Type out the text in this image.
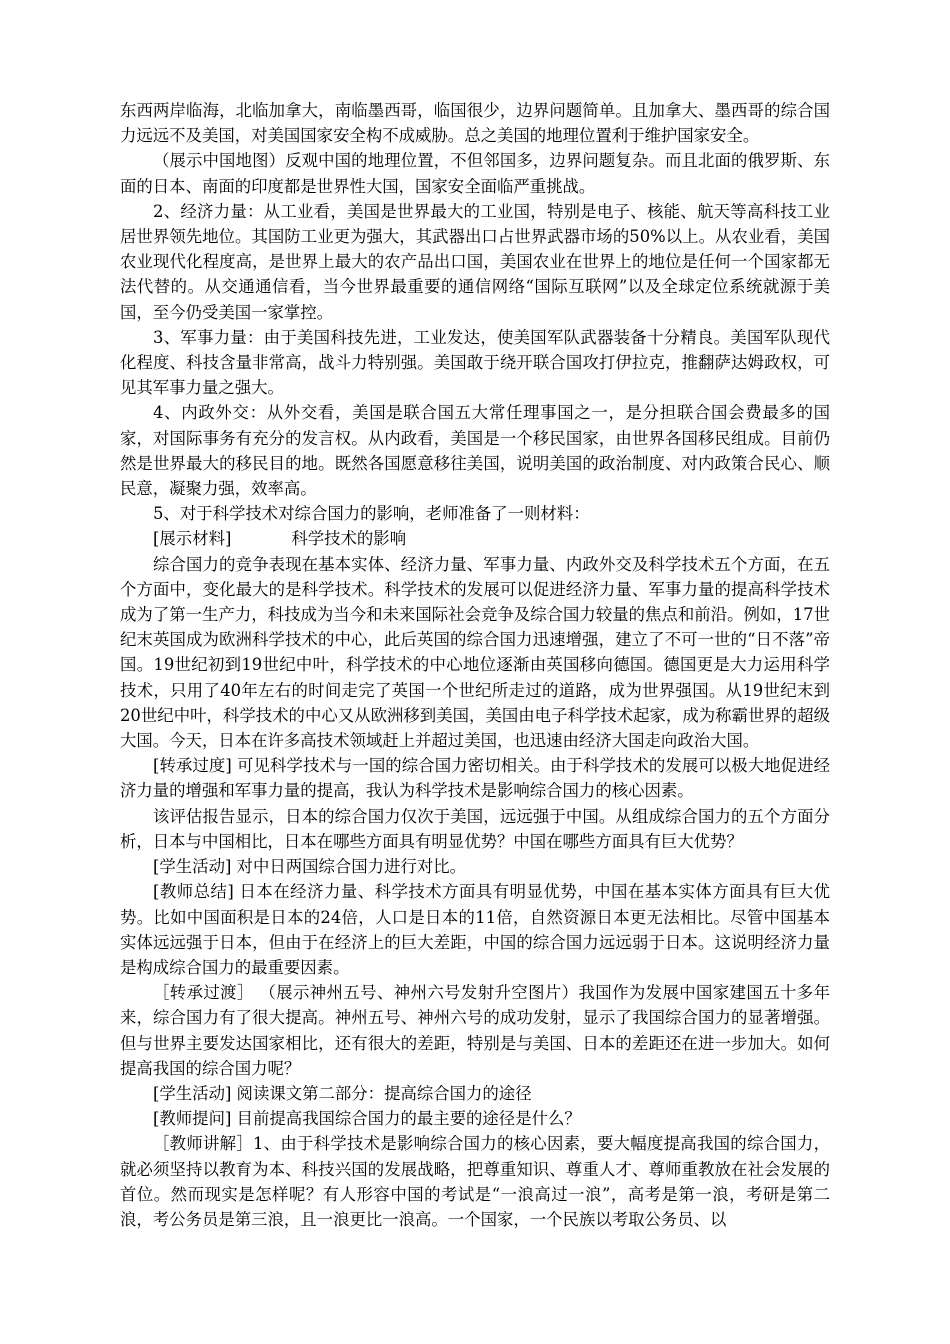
东西两岸临海，北临加拿大，南临墨西哥，临国很少，边界问题简单。且加拿大、墨西哥的综合国力远远不及美国，对美国国家安全构不成威胁。总之美国的地理位置利于维护国家安全。

（展示中国地图）反观中国的地理位置，不但邻国多，边界问题复杂。而且北面的俄罗斯、东面的日本、南面的印度都是世界性大国，国家安全面临严重挑战。

2、经济力量：从工业看，美国是世界最大的工业国，特别是电子、核能、航天等高科技工业居世界领先地位。其国防工业更为强大，其武器出口占世界武器市场的50%以上。从农业看，美国农业现代化程度高，是世界上最大的农产品出口国，美国农业在世界上的地位是任何一个国家都无法代替的。从交通通信看，当今世界最重要的通信网络“国际互联网”以及全球定位系统就源于美国，至今仍受美国一家掌控。

3、军事力量：由于美国科技先进，工业发达，使美国军队武器装备十分精良。美国军队现代化程度、科技含量非常高，战斗力特别强。美国敢于绕开联合国攻打伊拉克，推翻萨达姆政权，可见其军事力量之强大。

4、内政外交：从外交看，美国是联合国五大常任理事国之一，是分担联合国会费最多的国家，对国际事务有充分的发言权。从内政看，美国是一个移民国家，由世界各国移民组成。目前仍然是世界最大的移民目的地。既然各国愿意移往美国，说明美国的政治制度、对内政策合民心、顺民意，凝聚力强，效率高。

5、对于科学技术对综合国力的影响，老师准备了一则材料：

[展示材料]	科学技术的影响

综合国力的竞争表现在基本实体、经济力量、军事力量、内政外交及科学技术五个方面，在五个方面中，变化最大的是科学技术。科学技术的发展可以促进经济力量、军事力量的提高科学技术成为了第一生产力，科技成为当今和未来国际社会竞争及综合国力较量的焦点和前沿。例如，17世纪末英国成为欧洲科学技术的中心，此后英国的综合国力迅速增强，建立了不可一世的“日不落”帝国。19世纪初到19世纪中叶，科学技术的中心地位逐渐由英国移向德国。德国更是大力运用科学技术，只用了40年左右的时间走完了英国一个世纪所走过的道路，成为世界强国。从19世纪末到20世纪中叶，科学技术的中心又从欧洲移到美国，美国由电子科学技术起家，成为称霸世界的超级大国。今天，日本在许多高技术领域赶上并超过美国，也迅速由经济大国走向政治大国。

[转承过度] 可见科学技术与一国的综合国力密切相关。由于科学技术的发展可以极大地促进经济力量的增强和军事力量的提高，我认为科学技术是影响综合国力的核心因素。

该评估报告显示，日本的综合国力仅次于美国，远远强于中国。从组成综合国力的五个方面分析，日本与中国相比，日本在哪些方面具有明显优势？中国在哪些方面具有巨大优势？

[学生活动] 对中日两国综合国力进行对比。

[教师总结] 日本在经济力量、科学技术方面具有明显优势，中国在基本实体方面具有巨大优势。比如中国面积是日本的24倍，人口是日本的11倍，自然资源日本更无法相比。尽管中国基本实体远远强于日本，但由于在经济上的巨大差距，中国的综合国力远远弱于日本。这说明经济力量是构成综合国力的最重要因素。

［转承过渡］ （展示神州五号、神州六号发射升空图片）我国作为发展中国家建国五十多年来，综合国力有了很大提高。神州五号、神州六号的成功发射，显示了我国综合国力的显著增强。但与世界主要发达国家相比，还有很大的差距，特别是与美国、日本的差距还在进一步加大。如何提高我国的综合国力呢？

[学生活动] 阅读课文第二部分：提高综合国力的途径

[教师提问] 目前提高我国综合国力的最主要的途径是什么？

［教师讲解］1、由于科学技术是影响综合国力的核心因素，要大幅度提高我国的综合国力，就必须坚持以教育为本、科技兴国的发展战略，把尊重知识、尊重人才、尊师重教放在社会发展的首位。然而现实是怎样呢？有人形容中国的考试是“一浪高过一浪”，高考是第一浪，考研是第二浪，考公务员是第三浪，且一浪更比一浪高。一个国家，一个民族以考取公务员、以
